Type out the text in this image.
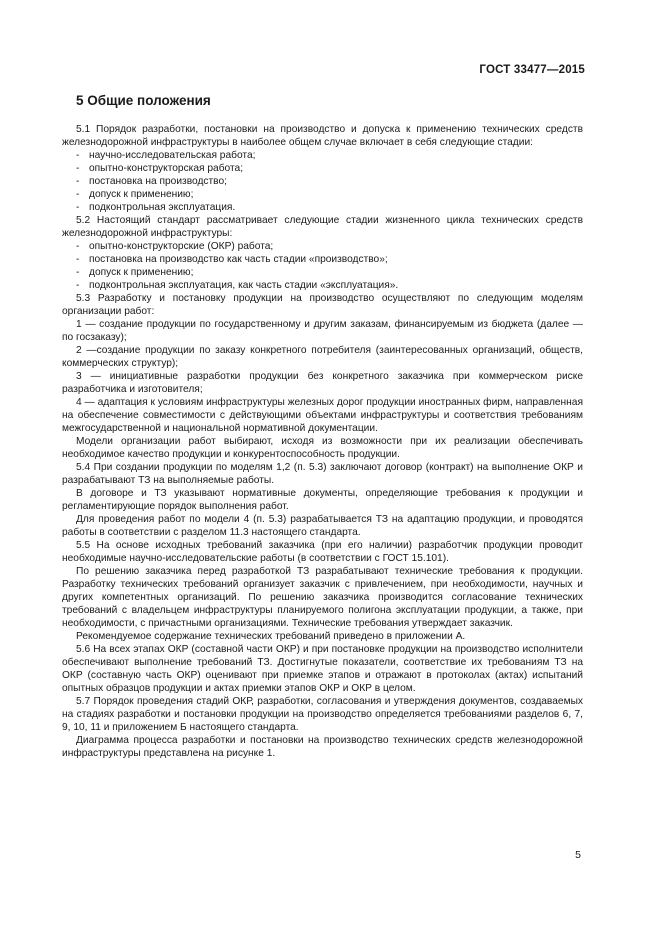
ГОСТ 33477—2015
5 Общие положения

5.1 Порядок разработки, постановки на производство и допуска к применению технических средств железнодорожной инфраструктуры в наиболее общем случае включает в себя следующие стадии:

- научно-исследовательская работа;
- опытно-конструкторская работа;
- постановка на производство;
- допуск к применению;
- подконтрольная эксплуатация.

5.2 Настоящий стандарт рассматривает следующие стадии жизненного цикла технических средств железнодорожной инфраструктуры:

- опытно-конструкторские (ОКР) работа;
- постановка на производство как часть стадии «производство»;
- допуск к применению;
- подконтрольная эксплуатация, как часть стадии «эксплуатация».

5.3 Разработку и постановку продукции на производство осуществляют по следующим моделям организации работ:

1 — создание продукции по государственному и другим заказам, финансируемым из бюджета (далее — по госзаказу);

2 —создание продукции по заказу конкретного потребителя (заинтересованных организаций, обществ, коммерческих структур);

3 — инициативные разработки продукции без конкретного заказчика при коммерческом риске разработчика и изготовителя;

4 — адаптация к условиям инфраструктуры железных дорог продукции иностранных фирм, направленная на обеспечение совместимости с действующими объектами инфраструктуры и соответствия требованиям межгосударственной и национальной нормативной документации.

Модели организации работ выбирают, исходя из возможности при их реализации обеспечивать необходимое качество продукции и конкурентоспособность продукции.

5.4 При создании продукции по моделям 1,2 (п. 5.3) заключают договор (контракт) на выполнение ОКР и разрабатывают ТЗ на выполняемые работы.

В договоре и ТЗ указывают нормативные документы, определяющие требования к продукции и регламентирующие порядок выполнения работ.

Для проведения работ по модели 4 (п. 5.3) разрабатывается ТЗ на адаптацию продукции, и проводятся работы в соответствии с разделом 11.3 настоящего стандарта.

5.5 На основе исходных требований заказчика (при его наличии) разработчик продукции проводит необходимые научно-исследовательские работы (в соответствии с ГОСТ 15.101).

По решению заказчика перед разработкой ТЗ разрабатывают технические требования к продукции. Разработку технических требований организует заказчик с привлечением, при необходимости, научных и других компетентных организаций. По решению заказчика производится согласование технических требований с владельцем инфраструктуры планируемого полигона эксплуатации продукции, а также, при необходимости, с причастными организациями. Технические требования утверждает заказчик.

Рекомендуемое содержание технических требований приведено в приложении А.

5.6 На всех этапах ОКР (составной части ОКР) и при постановке продукции на производство исполнители обеспечивают выполнение требований ТЗ. Достигнутые показатели, соответствие их требованиям ТЗ на ОКР (составную часть ОКР) оценивают при приемке этапов и отражают в протоколах (актах) испытаний опытных образцов продукции и актах приемки этапов ОКР и ОКР в целом.

5.7 Порядок проведения стадий ОКР, разработки, согласования и утверждения документов, создаваемых на стадиях разработки и постановки продукции на производство определяется требованиями разделов 6, 7, 9, 10, 11 и приложением Б настоящего стандарта.

Диаграмма процесса разработки и постановки на производство технических средств железнодорожной инфраструктуры представлена на рисунке 1.

5
